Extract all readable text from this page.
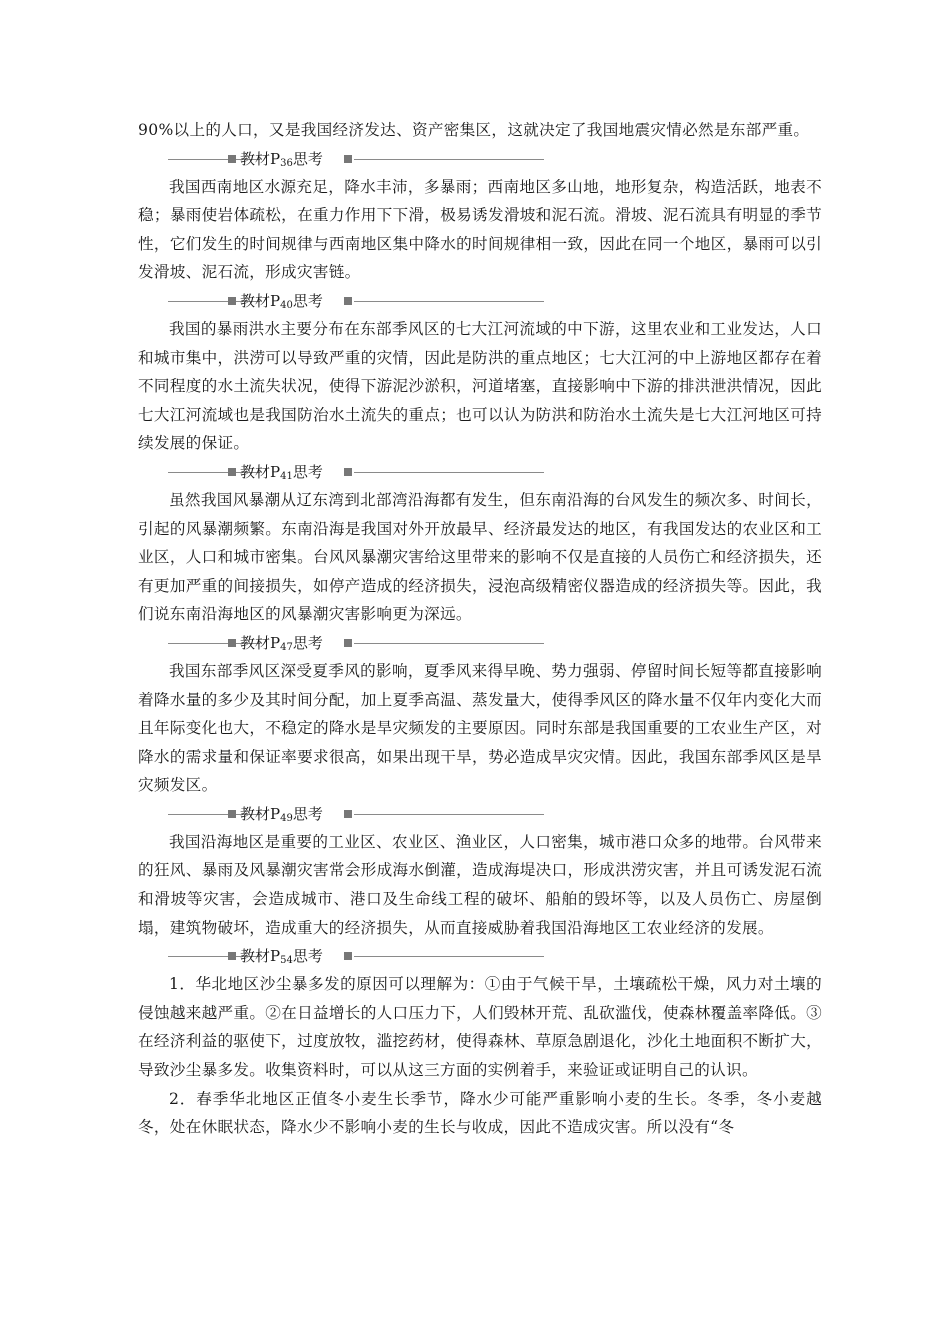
90%以上的人口，又是我国经济发达、资产密集区，这就决定了我国地震灾情必然是东部严重。

教材$P_{36}$思考

我国西南地区水源充足，降水丰沛，多暴雨；西南地区多山地，地形复杂，构造活跃，地表不稳；暴雨使岩体疏松，在重力作用下下滑，极易诱发滑坡和泥石流。滑坡、泥石流具有明显的季节性，它们发生的时间规律与西南地区集中降水的时间规律相一致，因此在同一个地区，暴雨可以引发滑坡、泥石流，形成灾害链。

教材$P_{40}$思考

我国的暴雨洪水主要分布在东部季风区的七大江河流域的中下游，这里农业和工业发达，人口和城市集中，洪涝可以导致严重的灾情，因此是防洪的重点地区；七大江河的中上游地区都存在着不同程度的水土流失状况，使得下游泥沙淤积，河道堵塞，直接影响中下游的排洪泄洪情况，因此七大江河流域也是我国防治水土流失的重点；也可以认为防洪和防治水土流失是七大江河地区可持续发展的保证。

教材$P_{41}$思考

虽然我国风暴潮从辽东湾到北部湾沿海都有发生，但东南沿海的台风发生的频次多、时间长，引起的风暴潮频繁。东南沿海是我国对外开放最早、经济最发达的地区，有我国发达的农业区和工业区，人口和城市密集。台风风暴潮灾害给这里带来的影响不仅是直接的人员伤亡和经济损失，还有更加严重的间接损失，如停产造成的经济损失，浸泡高级精密仪器造成的经济损失等。因此，我们说东南沿海地区的风暴潮灾害影响更为深远。

教材$P_{47}$思考

我国东部季风区深受夏季风的影响，夏季风来得早晚、势力强弱、停留时间长短等都直接影响着降水量的多少及其时间分配，加上夏季高温、蒸发量大，使得季风区的降水量不仅年内变化大而且年际变化也大，不稳定的降水是旱灾频发的主要原因。同时东部是我国重要的工农业生产区，对降水的需求量和保证率要求很高，如果出现干旱，势必造成旱灾灾情。因此，我国东部季风区是旱灾频发区。

教材$P_{49}$思考

我国沿海地区是重要的工业区、农业区、渔业区，人口密集，城市港口众多的地带。台风带来的狂风、暴雨及风暴潮灾害常会形成海水倒灌，造成海堤决口，形成洪涝灾害，并且可诱发泥石流和滑坡等灾害，会造成城市、港口及生命线工程的破坏、船舶的毁坏等，以及人员伤亡、房屋倒塌，建筑物破坏，造成重大的经济损失，从而直接威胁着我国沿海地区工农业经济的发展。

教材$P_{54}$思考

1．华北地区沙尘暴多发的原因可以理解为：①由于气候干旱，土壤疏松干燥，风力对土壤的侵蚀越来越严重。②在日益增长的人口压力下，人们毁林开荒、乱砍滥伐，使森林覆盖率降低。③在经济利益的驱使下，过度放牧，滥挖药材，使得森林、草原急剧退化，沙化土地面积不断扩大，导致沙尘暴多发。收集资料时，可以从这三方面的实例着手，来验证或证明自己的认识。

2．春季华北地区正值冬小麦生长季节，降水少可能严重影响小麦的生长。冬季，冬小麦越冬，处在休眠状态，降水少不影响小麦的生长与收成，因此不造成灾害。所以没有“冬
